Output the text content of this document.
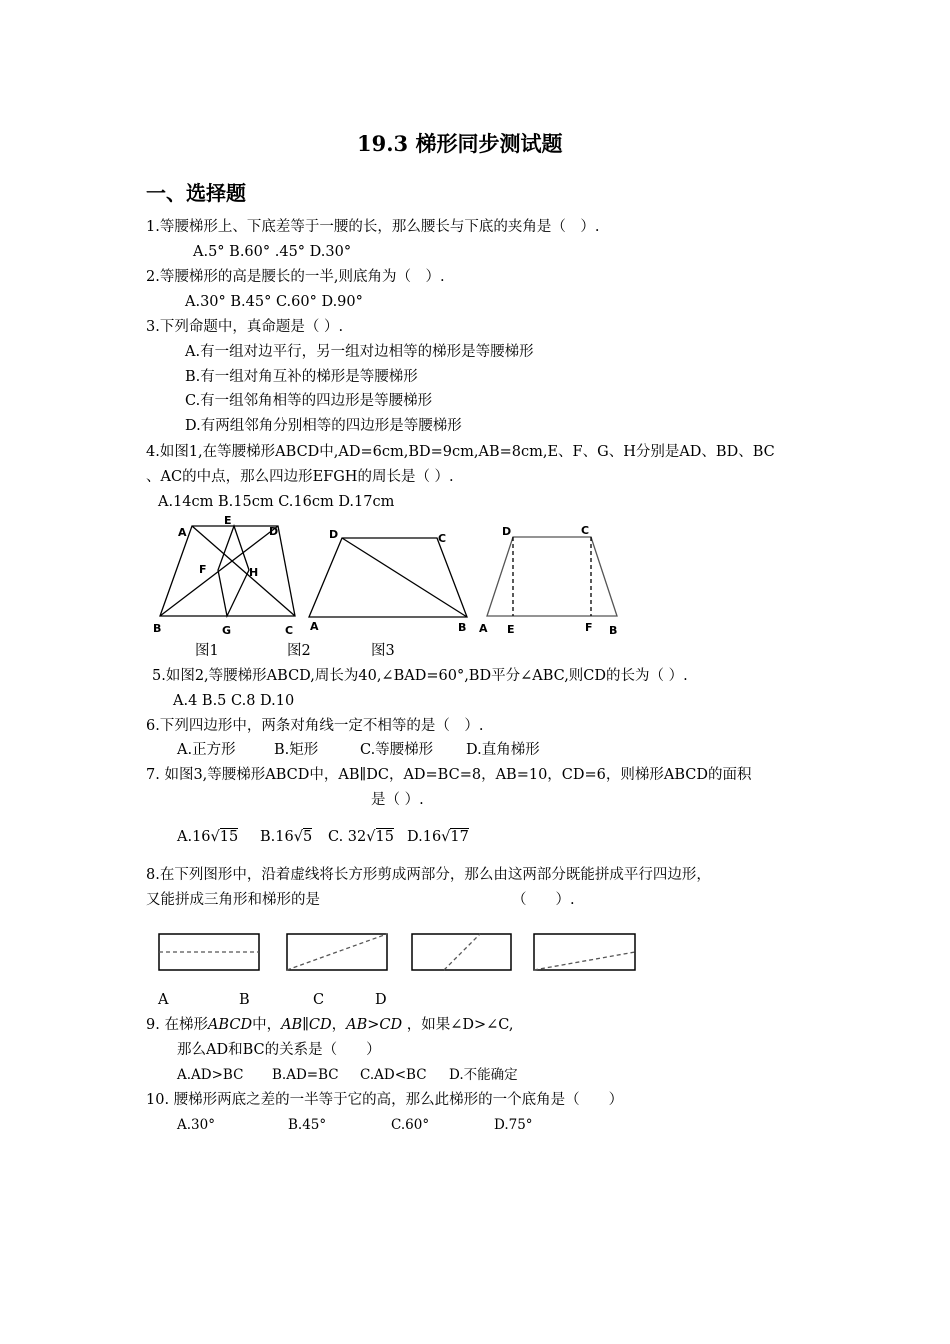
19.3 梯形同步测试题
一、选择题
1.等腰梯形上、下底差等于一腰的长，那么腰长与下底的夹角是（　）.
A.5° B.60° .45° D.30°
2.等腰梯形的高是腰长的一半,则底角为（　）.
A.30° B.45° C.60° D.90°
3.下列命题中，真命题是（ ）.
A.有一组对边平行，另一组对边相等的梯形是等腰梯形
B.有一组对角互补的梯形是等腰梯形
C.有一组邻角相等的四边形是等腰梯形
D.有两组邻角分别相等的四边形是等腰梯形
4.如图1,在等腰梯形ABCD中,AD=6cm,BD=9cm,AB=8cm,E、F、G、H分别是AD、BD、BC
、AC的中点，那么四边形EFGH的周长是（ ）.
A.14cm B.15cm C.16cm D.17cm
A
E
D
F	H
B	G	C
D	C
A	B
D	C
A E	F B
图1	图2	图3
5.如图2,等腰梯形ABCD,周长为40,∠BAD=60°,BD平分∠ABC,则CD的长为（ ）.
A.4 B.5 C.8 D.10
6.下列四边形中，两条对角线一定不相等的是（　）.
A.正方形	B.矩形	C.等腰梯形 D.直角梯形
7. 如图3,等腰梯形ABCD中，AB∥DC，AD=BC=8，AB=10，CD=6，则梯形ABCD的面积
是（ ）.
A.16√15 B.16√5 C. 32√15 D.16√17
8.在下列图形中，沿着虚线将长方形剪成两部分，那么由这两部分既能拼成平行四边形，
又能拼成三角形和梯形的是	（　　）.
A	B	C	D
9. 在梯形ABCD中，AB∥CD，AB>CD ，如果∠D>∠C,
那么AD和BC的关系是（　　）
A.AD>BC B.AD=BC C.AD<BC D.不能确定
10. 腰梯形两底之差的一半等于它的高，那么此梯形的一个底角是（　　）
A.30°	B.45°	C.60°	D.75°
